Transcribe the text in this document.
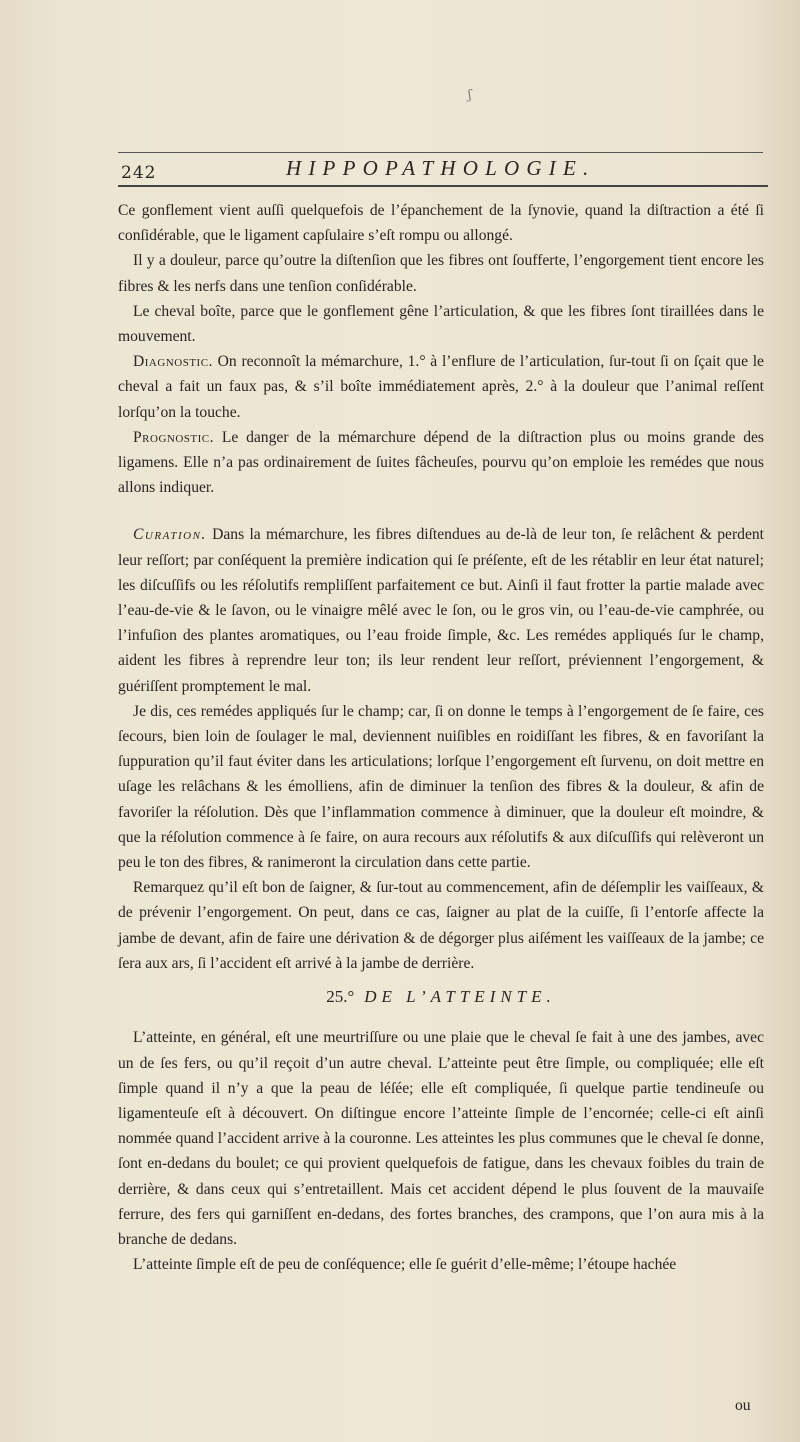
ʃ
242	HIPPOPATHOLOGIE.

Ce gonflement vient auſſi quelquefois de l’épanchement de la ſynovie, quand la diſtraction a été ſi conſidérable, que le ligament capſulaire s’eſt rompu ou allongé.

Il y a douleur, parce qu’outre la diſtenſion que les fibres ont ſoufferte, l’engorgement tient encore les fibres & les nerfs dans une tenſion conſidérable.

Le cheval boîte, parce que le gonflement gêne l’articulation, & que les fibres ſont tiraillées dans le mouvement.

Diagnostic. On reconnoît la mémarchure, 1.° à l’enflure de l’articulation, ſur-tout ſi on ſçait que le cheval a fait un faux pas, & s’il boîte immédiatement après, 2.° à la douleur que l’animal reſſent lorſqu’on la touche.

Prognostic. Le danger de la mémarchure dépend de la diſtraction plus ou moins grande des ligamens. Elle n’a pas ordinairement de ſuites fâcheuſes, pourvu qu’on emploie les remédes que nous allons indiquer.

Curation. Dans la mémarchure, les fibres diſtendues au de-là de leur ton, ſe relâchent & perdent leur reſſort; par conſéquent la première indication qui ſe préſente, eſt de les rétablir en leur état naturel; les diſcuſſifs ou les réſolutifs rempliſſent parfaitement ce but. Ainſi il faut frotter la partie malade avec l’eau-de-vie & le ſavon, ou le vinaigre mêlé avec le ſon, ou le gros vin, ou l’eau-de-vie camphrée, ou l’infuſion des plantes aromatiques, ou l’eau froide ſimple, &c. Les remédes appliqués ſur le champ, aident les fibres à reprendre leur ton; ils leur rendent leur reſſort, préviennent l’engorgement, & guériſſent promptement le mal.

Je dis, ces remédes appliqués ſur le champ; car, ſi on donne le temps à l’engorgement de ſe faire, ces ſecours, bien loin de ſoulager le mal, deviennent nuiſibles en roidiſſant les fibres, & en favoriſant la ſuppuration qu’il faut éviter dans les articulations; lorſque l’engorgement eſt ſurvenu, on doit mettre en uſage les relâchans & les émolliens, afin de diminuer la tenſion des fibres & la douleur, & afin de favoriſer la réſolution. Dès que l’inflammation commence à diminuer, que la douleur eſt moindre, & que la réſolution commence à ſe faire, on aura recours aux réſolutifs & aux diſcuſſifs qui relèveront un peu le ton des fibres, & ranimeront la circulation dans cette partie.

Remarquez qu’il eſt bon de ſaigner, & ſur-tout au commencement, afin de déſemplir les vaiſſeaux, & de prévenir l’engorgement. On peut, dans ce cas, ſaigner au plat de la cuiſſe, ſi l’entorſe affecte la jambe de devant, afin de faire une dérivation & de dégorger plus aiſément les vaiſſeaux de la jambe; ce ſera aux ars, ſi l’accident eſt arrivé à la jambe de derrière.

25.° DE L’ATTEINTE.

L’atteinte, en général, eſt une meurtriſſure ou une plaie que le cheval ſe fait à une des jambes, avec un de ſes fers, ou qu’il reçoit d’un autre cheval. L’atteinte peut être ſimple, ou compliquée; elle eſt ſimple quand il n’y a que la peau de léſée; elle eſt compliquée, ſi quelque partie tendineuſe ou ligamenteuſe eſt à découvert. On diſtingue encore l’atteinte ſimple de l’encornée; celle-ci eſt ainſi nommée quand l’accident arrive à la couronne. Les atteintes les plus communes que le cheval ſe donne, ſont en-dedans du boulet; ce qui provient quelquefois de fatigue, dans les chevaux foibles du train de derrière, & dans ceux qui s’entretaillent. Mais cet accident dépend le plus ſouvent de la mauvaiſe ferrure, des fers qui garniſſent en-dedans, des fortes branches, des crampons, que l’on aura mis à la branche de dedans.

L’atteinte ſimple eſt de peu de conſéquence; elle ſe guérit d’elle-même; l’étoupe hachée

ou
